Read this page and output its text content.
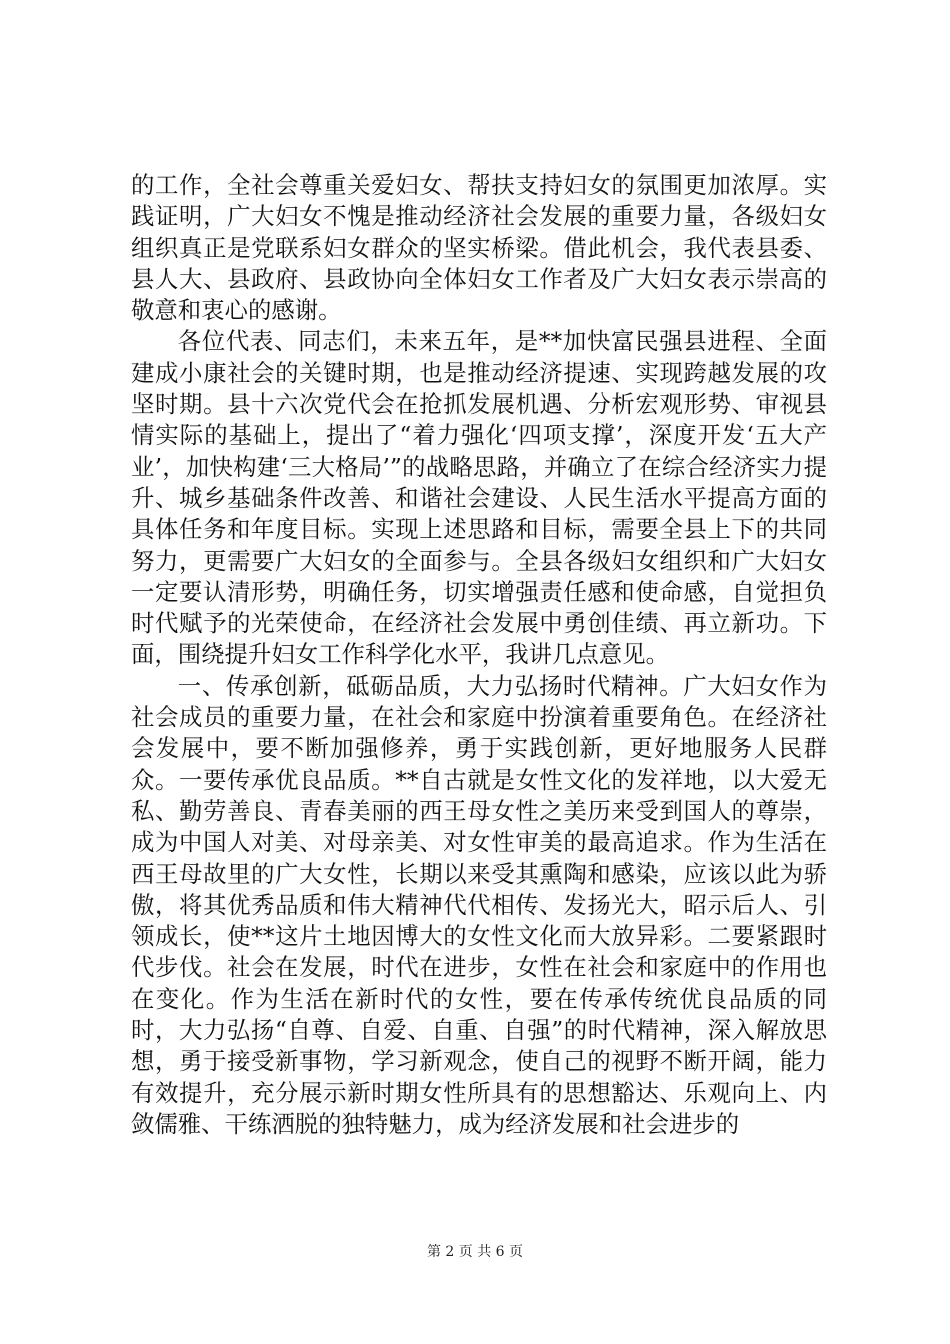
的工作，全社会尊重关爱妇女、帮扶支持妇女的氛围更加浓厚。实践证明，广大妇女不愧是推动经济社会发展的重要力量，各级妇女组织真正是党联系妇女群众的坚实桥梁。借此机会，我代表县委、县人大、县政府、县政协向全体妇女工作者及广大妇女表示崇高的敬意和衷心的感谢。

各位代表、同志们，未来五年，是**加快富民强县进程、全面建成小康社会的关键时期，也是推动经济提速、实现跨越发展的攻坚时期。县十六次党代会在抢抓发展机遇、分析宏观形势、审视县情实际的基础上，提出了“着力强化‘四项支撑’，深度开发‘五大产业’，加快构建‘三大格局’”的战略思路，并确立了在综合经济实力提升、城乡基础条件改善、和谐社会建设、人民生活水平提高方面的具体任务和年度目标。实现上述思路和目标，需要全县上下的共同努力，更需要广大妇女的全面参与。全县各级妇女组织和广大妇女一定要认清形势，明确任务，切实增强责任感和使命感，自觉担负时代赋予的光荣使命，在经济社会发展中勇创佳绩、再立新功。下面，围绕提升妇女工作科学化水平，我讲几点意见。

一、传承创新，砥砺品质，大力弘扬时代精神。广大妇女作为社会成员的重要力量，在社会和家庭中扮演着重要角色。在经济社会发展中，要不断加强修养，勇于实践创新，更好地服务人民群众。一要传承优良品质。**自古就是女性文化的发祥地，以大爱无私、勤劳善良、青春美丽的西王母女性之美历来受到国人的尊崇，成为中国人对美、对母亲美、对女性审美的最高追求。作为生活在西王母故里的广大女性，长期以来受其熏陶和感染，应该以此为骄傲，将其优秀品质和伟大精神代代相传、发扬光大，昭示后人、引领成长，使**这片土地因博大的女性文化而大放异彩。二要紧跟时代步伐。社会在发展，时代在进步，女性在社会和家庭中的作用也在变化。作为生活在新时代的女性，要在传承传统优良品质的同时，大力弘扬“自尊、自爱、自重、自强”的时代精神，深入解放思想，勇于接受新事物，学习新观念，使自己的视野不断开阔，能力有效提升，充分展示新时期女性所具有的思想豁达、乐观向上、内敛儒雅、干练洒脱的独特魅力，成为经济发展和社会进步的

第 2 页 共 6 页
